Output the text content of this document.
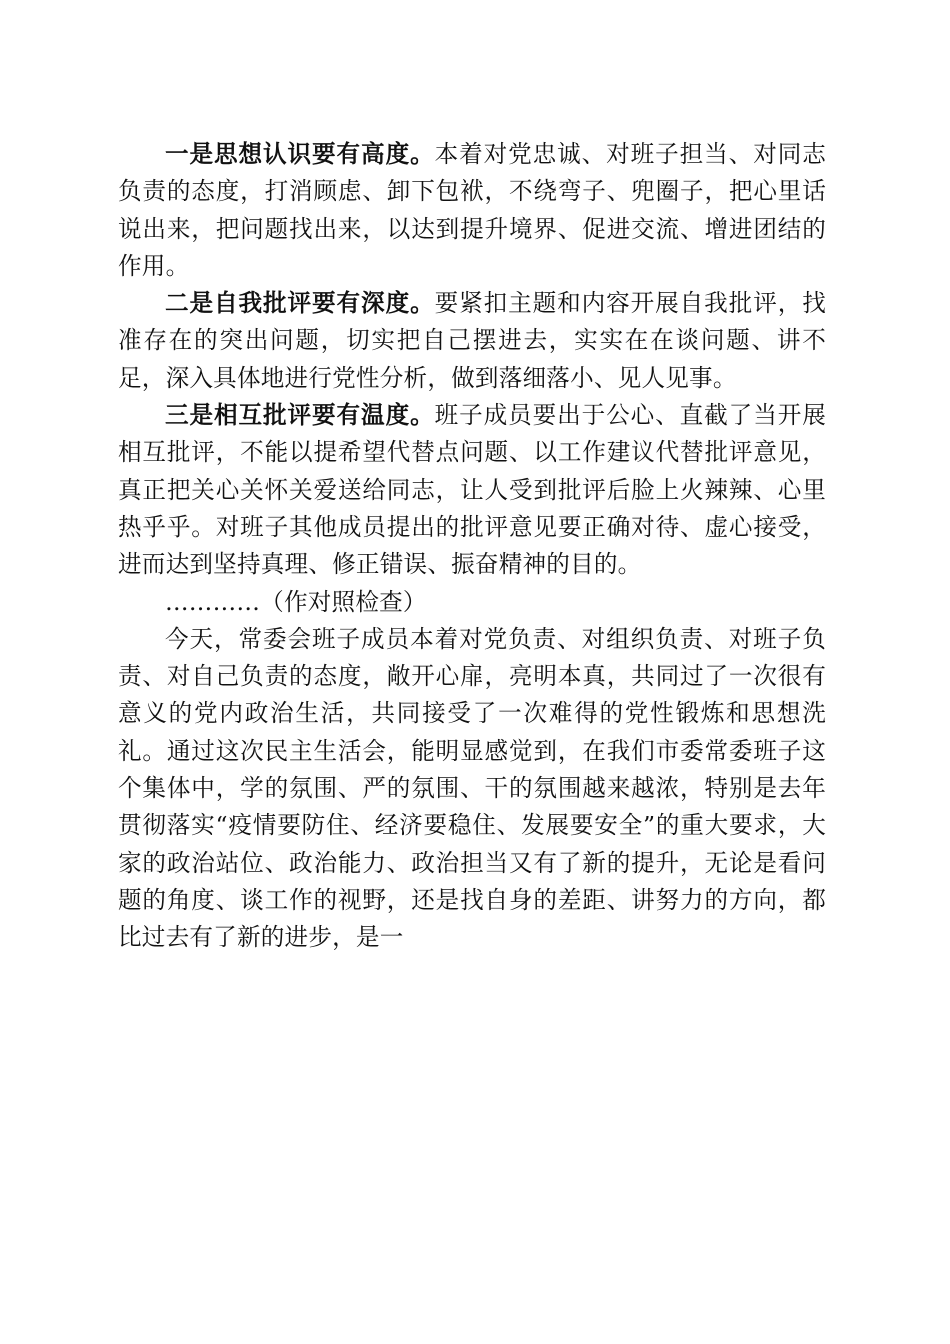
一是思想认识要有高度。本着对党忠诚、对班子担当、对同志负责的态度，打消顾虑、卸下包袱，不绕弯子、兜圈子，把心里话说出来，把问题找出来，以达到提升境界、促进交流、增进团结的作用。

二是自我批评要有深度。要紧扣主题和内容开展自我批评，找准存在的突出问题，切实把自己摆进去，实实在在谈问题、讲不足，深入具体地进行党性分析，做到落细落小、见人见事。

三是相互批评要有温度。班子成员要出于公心、直截了当开展相互批评，不能以提希望代替点问题、以工作建议代替批评意见，真正把关心关怀关爱送给同志，让人受到批评后脸上火辣辣、心里热乎乎。对班子其他成员提出的批评意见要正确对待、虚心接受，进而达到坚持真理、修正错误、振奋精神的目的。

…………（作对照检查）

今天，常委会班子成员本着对党负责、对组织负责、对班子负责、对自己负责的态度，敞开心扉，亮明本真，共同过了一次很有意义的党内政治生活，共同接受了一次难得的党性锻炼和思想洗礼。通过这次民主生活会，能明显感觉到，在我们市委常委班子这个集体中，学的氛围、严的氛围、干的氛围越来越浓，特别是去年贯彻落实“疫情要防住、经济要稳住、发展要安全”的重大要求，大家的政治站位、政治能力、政治担当又有了新的提升，无论是看问题的角度、谈工作的视野，还是找自身的差距、讲努力的方向，都比过去有了新的进步，是一
